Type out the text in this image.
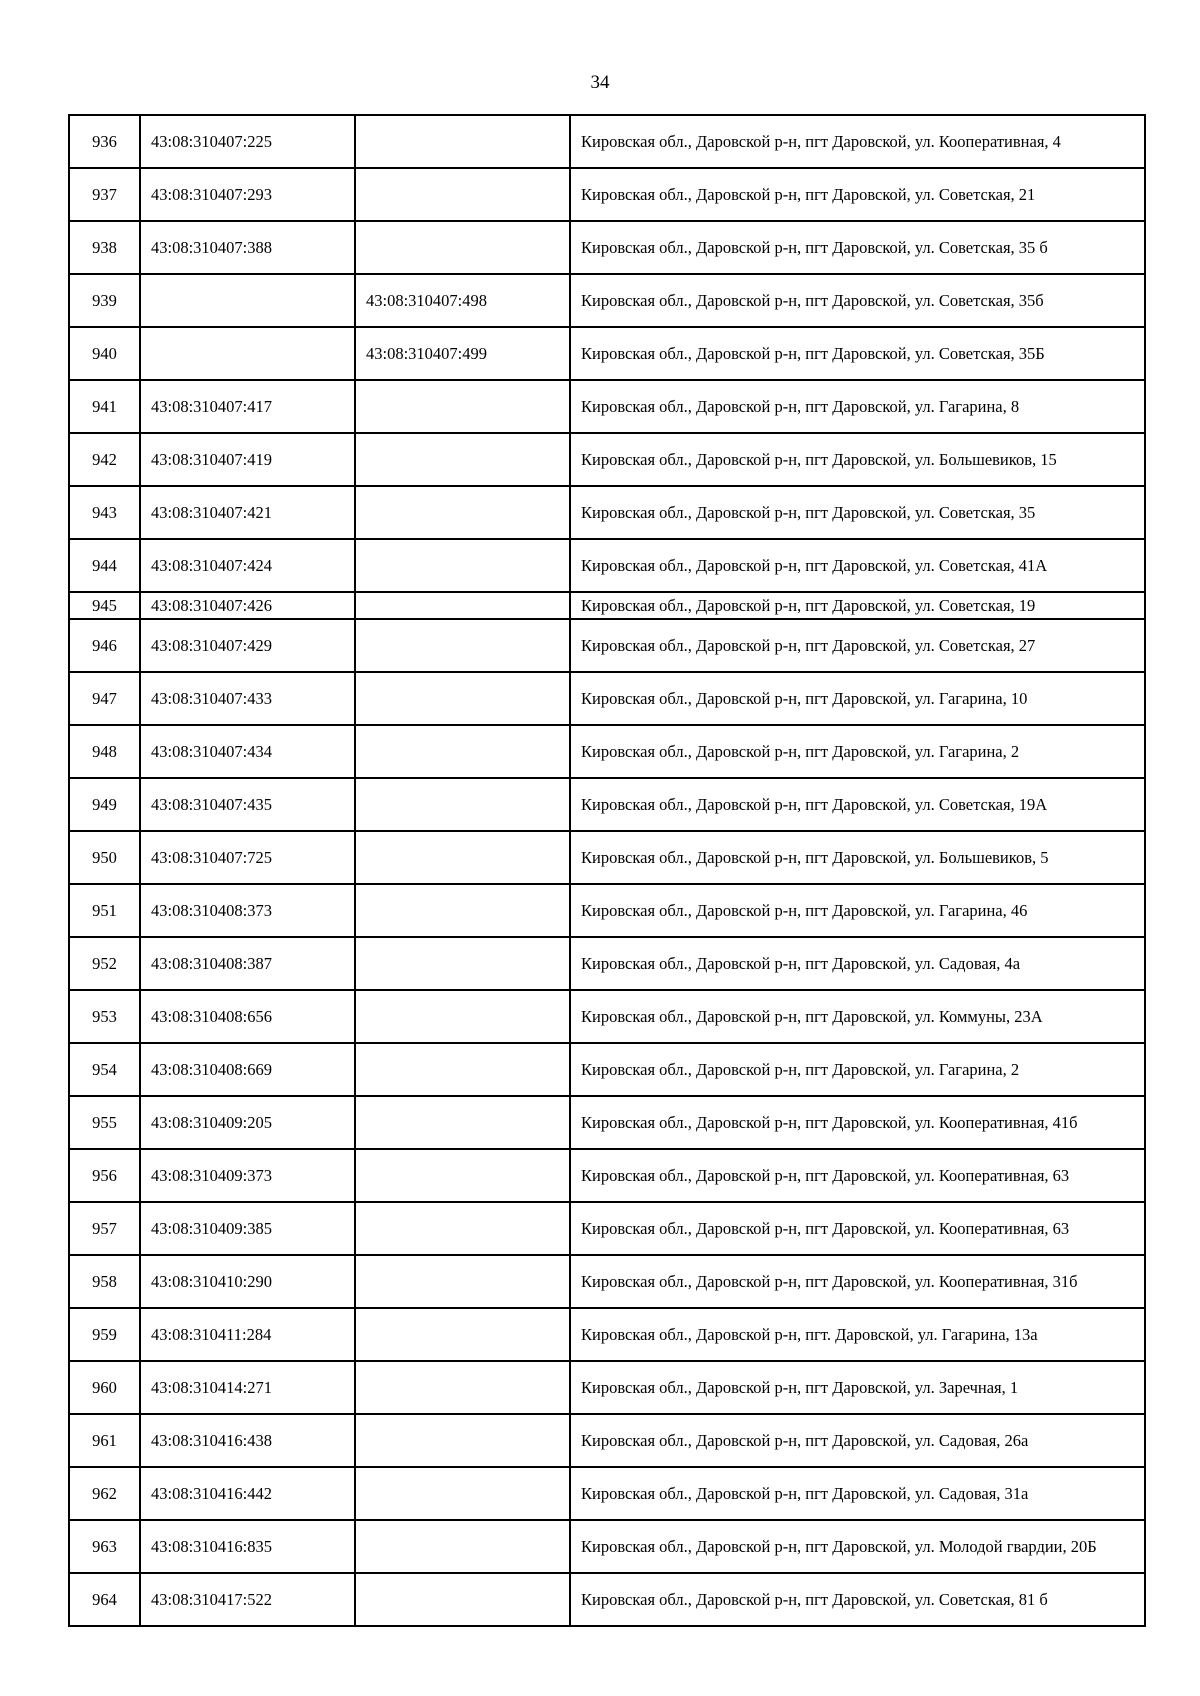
34
936	43:08:310407:225		Кировская обл., Даровской р-н, пгт Даровской, ул. Кооперативная, 4
937	43:08:310407:293		Кировская обл., Даровской р-н, пгт Даровской, ул. Советская, 21
938	43:08:310407:388		Кировская обл., Даровской р-н, пгт Даровской, ул. Советская, 35 б
939		43:08:310407:498	Кировская обл., Даровской р-н, пгт Даровской, ул. Советская, 35б
940		43:08:310407:499	Кировская обл., Даровской р-н, пгт Даровской, ул. Советская, 35Б
941	43:08:310407:417		Кировская обл., Даровской р-н, пгт Даровской, ул. Гагарина, 8
942	43:08:310407:419		Кировская обл., Даровской р-н, пгт Даровской, ул. Большевиков, 15
943	43:08:310407:421		Кировская обл., Даровской р-н, пгт Даровской, ул. Советская, 35
944	43:08:310407:424		Кировская обл., Даровской р-н, пгт Даровской, ул. Советская, 41А
945	43:08:310407:426		Кировская обл., Даровской р-н, пгт Даровской, ул. Советская, 19
946	43:08:310407:429		Кировская обл., Даровской р-н, пгт Даровской, ул. Советская, 27
947	43:08:310407:433		Кировская обл., Даровской р-н, пгт Даровской, ул. Гагарина, 10
948	43:08:310407:434		Кировская обл., Даровской р-н, пгт Даровской, ул. Гагарина, 2
949	43:08:310407:435		Кировская обл., Даровской р-н, пгт Даровской, ул. Советская, 19А
950	43:08:310407:725		Кировская обл., Даровской р-н, пгт Даровской, ул. Большевиков, 5
951	43:08:310408:373		Кировская обл., Даровской р-н, пгт Даровской, ул. Гагарина, 46
952	43:08:310408:387		Кировская обл., Даровской р-н, пгт Даровской, ул. Садовая, 4а
953	43:08:310408:656		Кировская обл., Даровской р-н, пгт Даровской, ул. Коммуны, 23А
954	43:08:310408:669		Кировская обл., Даровской р-н, пгт Даровской, ул. Гагарина, 2
955	43:08:310409:205		Кировская обл., Даровской р-н, пгт Даровской, ул. Кооперативная, 41б
956	43:08:310409:373		Кировская обл., Даровской р-н, пгт Даровской, ул. Кооперативная, 63
957	43:08:310409:385		Кировская обл., Даровской р-н, пгт Даровской, ул. Кооперативная, 63
958	43:08:310410:290		Кировская обл., Даровской р-н, пгт Даровской, ул. Кооперативная, 31б
959	43:08:310411:284		Кировская обл., Даровской р-н, пгт. Даровской, ул. Гагарина, 13а
960	43:08:310414:271		Кировская обл., Даровской р-н, пгт Даровской, ул. Заречная, 1
961	43:08:310416:438		Кировская обл., Даровской р-н, пгт Даровской, ул. Садовая, 26а
962	43:08:310416:442		Кировская обл., Даровской р-н, пгт Даровской, ул. Садовая, 31а
963	43:08:310416:835		Кировская обл., Даровской р-н, пгт Даровской, ул. Молодой гвардии, 20Б
964	43:08:310417:522		Кировская обл., Даровской р-н, пгт Даровской, ул. Советская, 81 б
